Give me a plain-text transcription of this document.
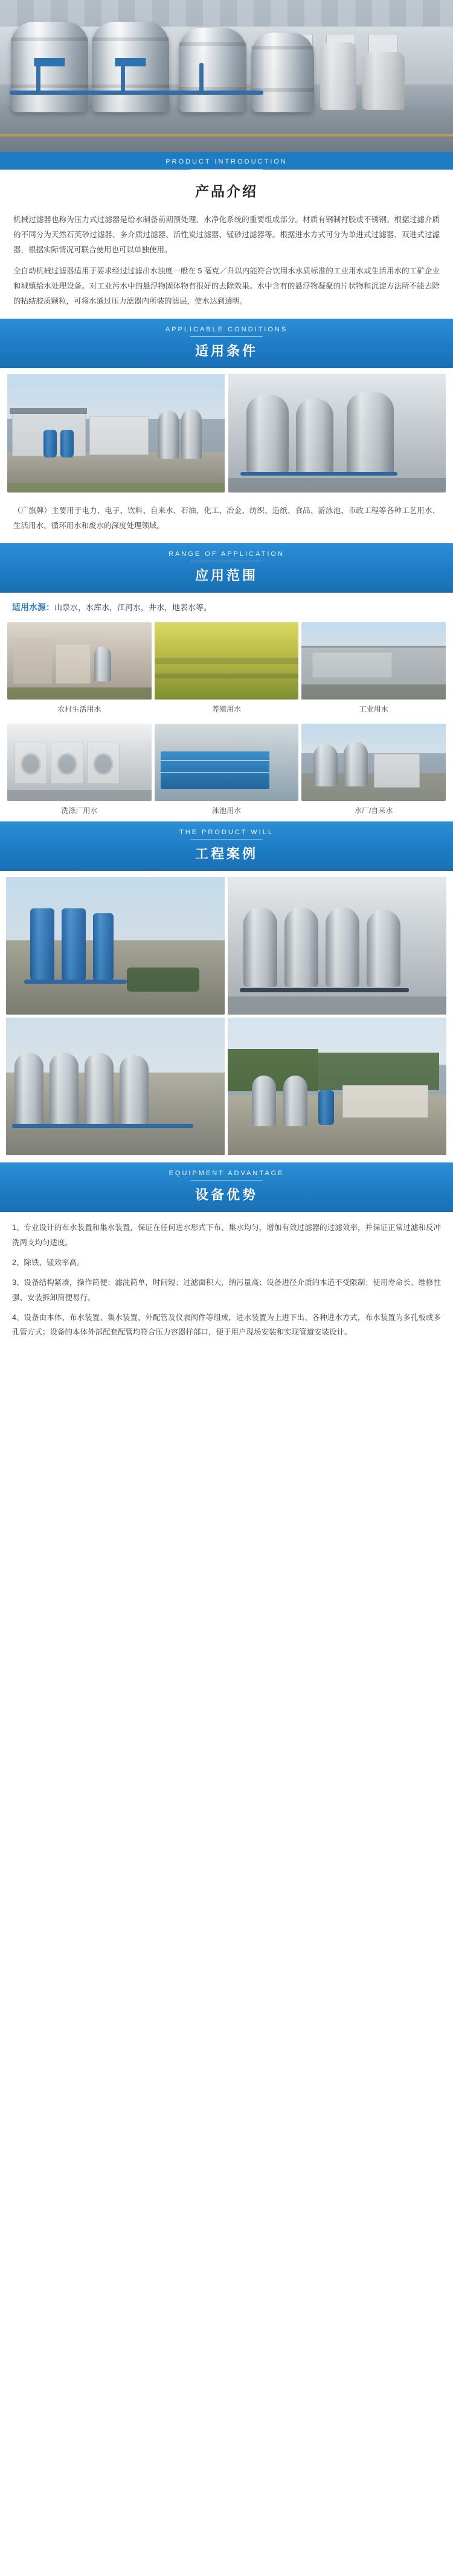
PRODUCT INTRODUCTION
产品介绍

机械过滤器也称为压力式过滤器是给水制备前期预处理、水净化系统的重要组成部分。材质有钢制衬胶或不锈钢。根据过滤介质的不同分为天然石英砂过滤器、多介质过滤器、活性炭过滤器、锰砂过滤器等。根据进水方式可分为单进式过滤器、双进式过滤器，根据实际情况可联合使用也可以单独使用。

全自动机械过滤器适用于要求经过过滤出水浊度一般在 5 毫克／升以内能符合饮用水水质标准的工业用水或生活用水的工矿企业和城镇给水处理设备。对工业污水中的悬浮物固体物有很好的去除效果。水中含有的悬浮物凝聚的片状物和沉淀方法所不能去除的粘结胶质颗粒，可将水通过压力滤器内所装的滤层，使水达到透明。

APPLICABLE CONDITIONS
适用条件

（广旗牌）主要用于电力、电子、饮料、自来水、石油、化工、冶金、纺织、造纸、食品、游泳池、市政工程等各种工艺用水、生活用水、循环用水和废水的深度处理领域。

RANGE OF APPLICATION
应用范围
适用水源：山泉水，水库水，江河水，井水，地表水等。
农村生活用水	养殖用水	工业用水
洗涤厂用水	泳池用水	水厂/自来水
THE PRODUCT WILL
工程案例
EQUIPMENT ADVANTAGE
设备优势

1、专业设计的布水装置和集水装置，保证在任何进水形式下布、集水均匀，增加有效过滤器的过滤效率，并保证正常过滤和反冲洗两支均匀适度。

2、除铁、锰效率高。

3、设备结构紧凑，操作简便；滤洗简单，时间短；过滤面积大，纳污量高；设备进径介质的本道不受限制；使用寿命长、维修性强、安装拆卸简便易行。

4、设备由本体、布水装置、集水装置、外配管及仪表阀件等组成，进水装置为上进下出、各种进水方式，布水装置为多孔板或多孔管方式；设备的本体外部配套配管均符合压力容器样部口，便于用户现场安装和实现管道安装设计。
